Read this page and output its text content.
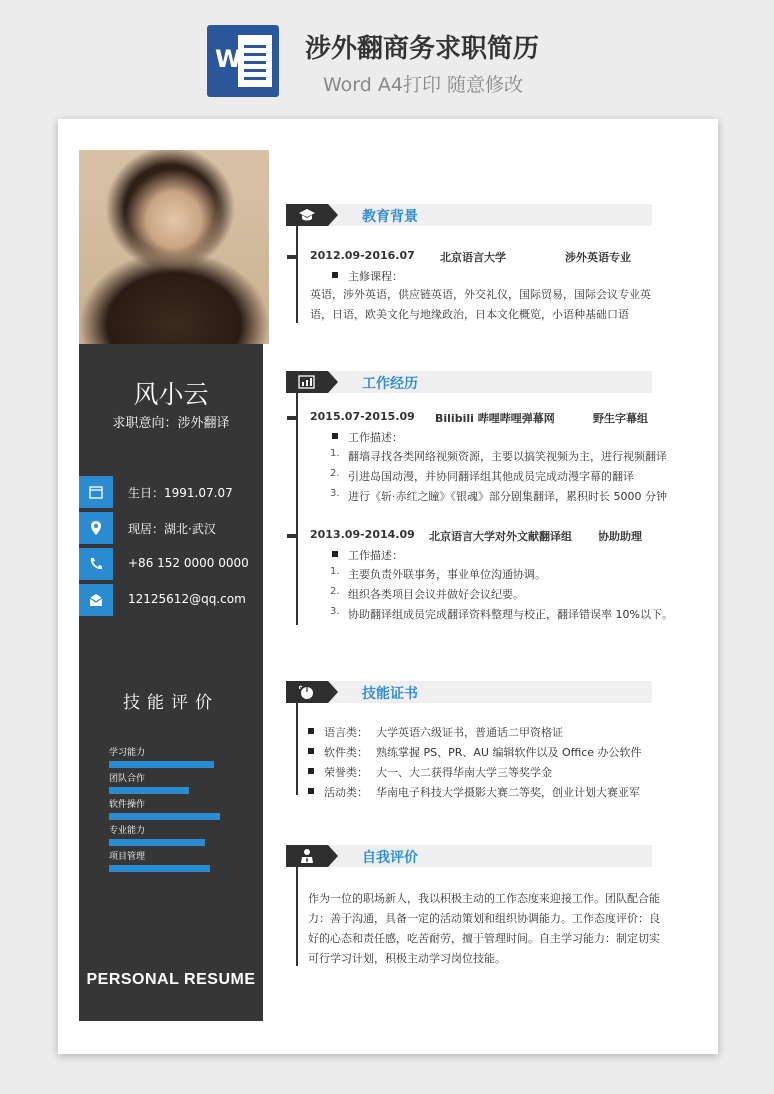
W 涉外翻商务求职简历
Word A4打印 随意修改
风小云
求职意向：涉外翻译
生日：1991.07.07
现居：湖北·武汉
+86 152 0000 0000
12125612@qq.com
技能评价
学习能力
团队合作
软件操作
专业能力
项目管理
PERSONAL RESUME
教育背景
2012.09-2016.07 北京语言大学	涉外英语专业
主修课程：
英语，涉外英语，供应链英语，外交礼仪，国际贸易，国际会议专业英语，日语，欧美文化与地缘政治，日本文化概览，小语种基础口语
工作经历
2015.07-2015.09 Bilibili 哔哩哔哩弹幕网	野生字幕组
工作描述：
1. 翻墙寻找各类网络视频资源，主要以搞笑视频为主，进行视频翻译
2. 引进岛国动漫，并协同翻译组其他成员完成动漫字幕的翻译
3. 进行《斩·赤红之瞳》《银魂》部分剧集翻译，累积时长 5000 分钟
2013.09-2014.09 北京语言大学对外文献翻译组 协助助理
工作描述：
1. 主要负责外联事务，事业单位沟通协调。
2. 组织各类项目会议并做好会议纪要。
3. 协助翻译组成员完成翻译资料整理与校正，翻译错误率 10%以下。
技能证书
语言类： 大学英语六级证书，普通话二甲资格证
软件类： 熟练掌握 PS、PR、AU 编辑软件以及 Office 办公软件
荣誉类： 大一、大二获得华南大学三等奖学金
活动类： 华南电子科技大学摄影大赛二等奖，创业计划大赛亚军
自我评价
作为一位的职场新人，我以积极主动的工作态度来迎接工作。团队配合能力：善于沟通，具备一定的活动策划和组织协调能力。工作态度评价：良好的心态和责任感，吃苦耐劳，擅于管理时间。自主学习能力：制定切实可行学习计划，积极主动学习岗位技能。
